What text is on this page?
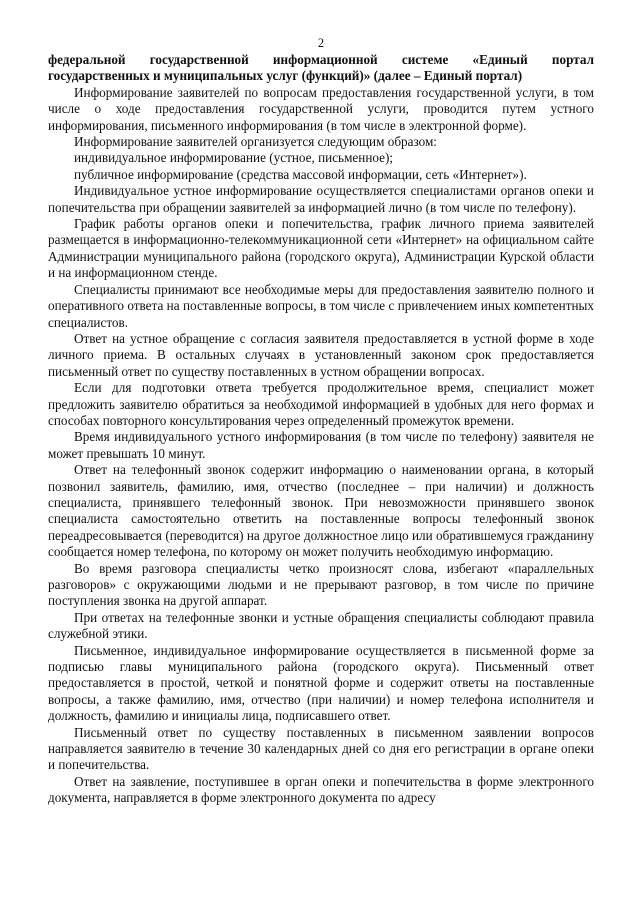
2

федеральной государственной информационной системе «Единый портал государственных и муниципальных услуг (функций)» (далее – Единый портал)

Информирование заявителей по вопросам предоставления государственной услуги, в том числе о ходе предоставления государственной услуги, проводится путем устного информирования, письменного информирования (в том числе в электронной форме).

Информирование заявителей организуется следующим образом:

индивидуальное информирование (устное, письменное);

публичное информирование (средства массовой информации, сеть «Интернет»).

Индивидуальное устное информирование осуществляется специалистами органов опеки и попечительства при обращении заявителей за информацией лично (в том числе по телефону).

График работы органов опеки и попечительства, график личного приема заявителей размещается в информационно-телекоммуникационной сети «Интернет» на официальном сайте Администрации муниципального района (городского округа), Администрации Курской области и на информационном стенде.

Специалисты принимают все необходимые меры для предоставления заявителю полного и оперативного ответа на поставленные вопросы, в том числе с привлечением иных компетентных специалистов.

Ответ на устное обращение с согласия заявителя предоставляется в устной форме в ходе личного приема. В остальных случаях в установленный законом срок предоставляется письменный ответ по существу поставленных в устном обращении вопросах.

Если для подготовки ответа требуется продолжительное время, специалист может предложить заявителю обратиться за необходимой информацией в удобных для него формах и способах повторного консультирования через определенный промежуток времени.

Время индивидуального устного информирования (в том числе по телефону) заявителя не может превышать 10 минут.

Ответ на телефонный звонок содержит информацию о наименовании органа, в который позвонил заявитель, фамилию, имя, отчество (последнее – при наличии) и должность специалиста, принявшего телефонный звонок. При невозможности принявшего звонок специалиста самостоятельно ответить на поставленные вопросы телефонный звонок переадресовывается (переводится) на другое должностное лицо или обратившемуся гражданину сообщается номер телефона, по которому он может получить необходимую информацию.

Во время разговора специалисты четко произносят слова, избегают «параллельных разговоров» с окружающими людьми и не прерывают разговор, в том числе по причине поступления звонка на другой аппарат.

При ответах на телефонные звонки и устные обращения специалисты соблюдают правила служебной этики.

Письменное, индивидуальное информирование осуществляется в письменной форме за подписью главы муниципального района (городского округа). Письменный ответ предоставляется в простой, четкой и понятной форме и содержит ответы на поставленные вопросы, а также фамилию, имя, отчество (при наличии) и номер телефона исполнителя и должность, фамилию и инициалы лица, подписавшего ответ.

Письменный ответ по существу поставленных в письменном заявлении вопросов направляется заявителю в течение 30 календарных дней со дня его регистрации в органе опеки и попечительства.

Ответ на заявление, поступившее в орган опеки и попечительства в форме электронного документа, направляется в форме электронного документа по адресу
